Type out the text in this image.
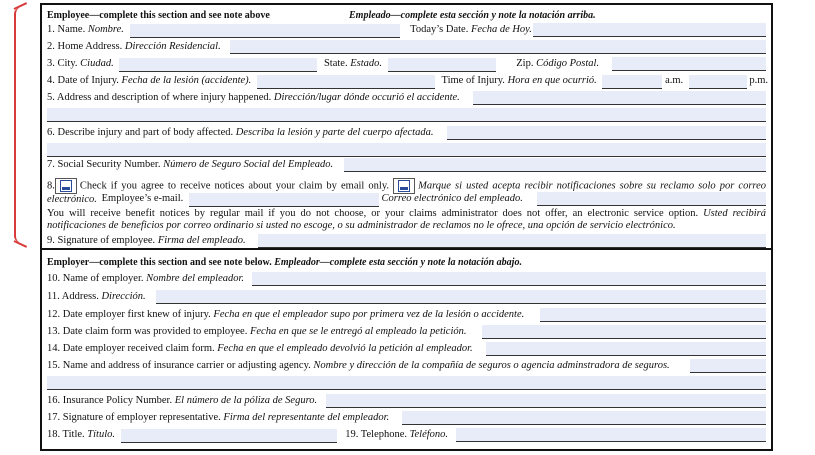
Employee—complete this section and see note above	Empleado—complete esta sección y note la notación arriba.
1. Name. Nombre.	Today’s Date. Fecha de Hoy.
2. Home Address. Dirección Residencial.
3. City. Ciudad.	State. Estado.	Zip. Código Postal.
4. Date of Injury. Fecha de la lesión (accidente).	Time of Injury. Hora en que ocurrió.	a.m.	p.m.
5. Address and description of where injury happened. Dirección/lugar dónde occurió el accidente.
6. Describe injury and part of body affected. Describa la lesión y parte del cuerpo afectada.
7. Social Security Number. Número de Seguro Social del Empleado.
8. Check if you agree to receive notices about your claim by email only.	Marque si usted acepta recibir notificaciones sobre su reclamo solo por correo electrónico. Employee’s e-mail.	Correo electrónico del empleado.
You will receive benefit notices by regular mail if you do not choose, or your claims administrator does not offer, an electronic service option. Usted recibirá notificaciones de beneficios por correo ordinario si usted no escoge, o su administrador de reclamos no le ofrece, una opción de servicio electrónico.
9. Signature of employee. Firma del empleado.
Employer—complete this section and see note below. Empleador—complete esta sección y note la notación abajo.
10. Name of employer. Nombre del empleador.
11. Address. Dirección.
12. Date employer first knew of injury. Fecha en que el empleador supo por primera vez de la lesión o accidente.
13. Date claim form was provided to employee. Fecha en que se le entregó al empleado la petición.
14. Date employer received claim form. Fecha en que el empleado devolvió la petición al empleador.
15. Name and address of insurance carrier or adjusting agency. Nombre y dirección de la compañía de seguros o agencia adminstradora de seguros.
16. Insurance Policy Number. El número de la póliza de Seguro.
17. Signature of employer representative. Firma del representante del empleador.
18. Title. Título.	19. Telephone. Teléfono.
